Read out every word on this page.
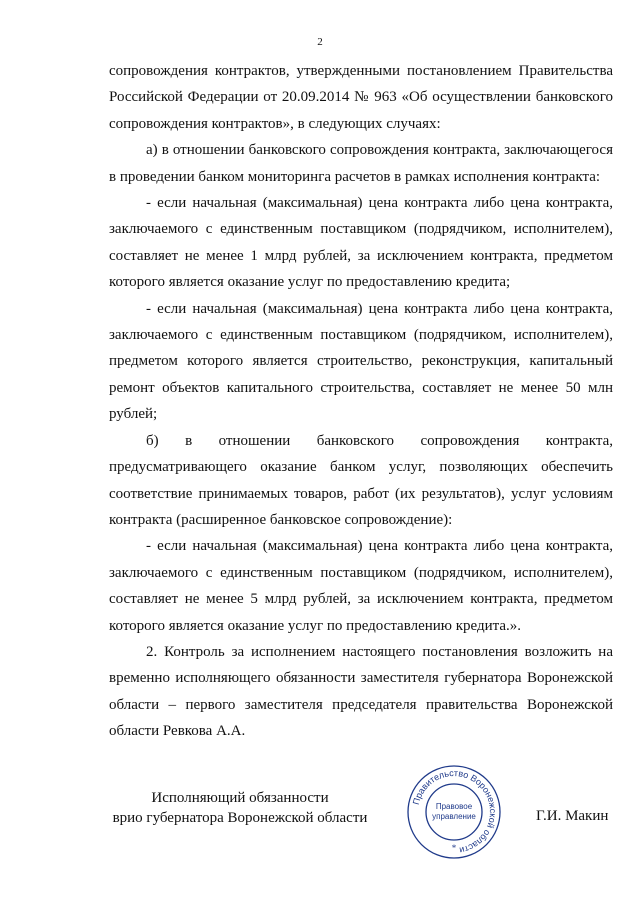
2

сопровождения контрактов, утвержденными постановлением Правительства Российской Федерации от 20.09.2014 № 963 «Об осуществлении банковского сопровождения контрактов», в следующих случаях:

а) в отношении банковского сопровождения контракта, заключающегося в проведении банком мониторинга расчетов в рамках исполнения контракта:

- если начальная (максимальная) цена контракта либо цена контракта, заключаемого с единственным поставщиком (подрядчиком, исполнителем), составляет не менее 1 млрд рублей, за исключением контракта, предметом которого является оказание услуг по предоставлению кредита;

- если начальная (максимальная) цена контракта либо цена контракта, заключаемого с единственным поставщиком (подрядчиком, исполнителем), предметом которого является строительство, реконструкция, капитальный ремонт объектов капитального строительства, составляет не менее 50 млн рублей;

б) в отношении банковского сопровождения контракта, предусматривающего оказание банком услуг, позволяющих обеспечить соответствие принимаемых товаров, работ (их результатов), услуг условиям контракта (расширенное банковское сопровождение):

- если начальная (максимальная) цена контракта либо цена контракта, заключаемого с единственным поставщиком (подрядчиком, исполнителем), составляет не менее 5 млрд рублей, за исключением контракта, предметом которого является оказание услуг по предоставлению кредита.».

2. Контроль за исполнением настоящего постановления возложить на временно исполняющего обязанности заместителя губернатора Воронежской области – первого заместителя председателя правительства Воронежской области Ревкова А.А.

Исполняющий обязанности
врио губернатора Воронежской области
Правительство Воронежской области
Правовое
управление
*
Г.И. Макин
